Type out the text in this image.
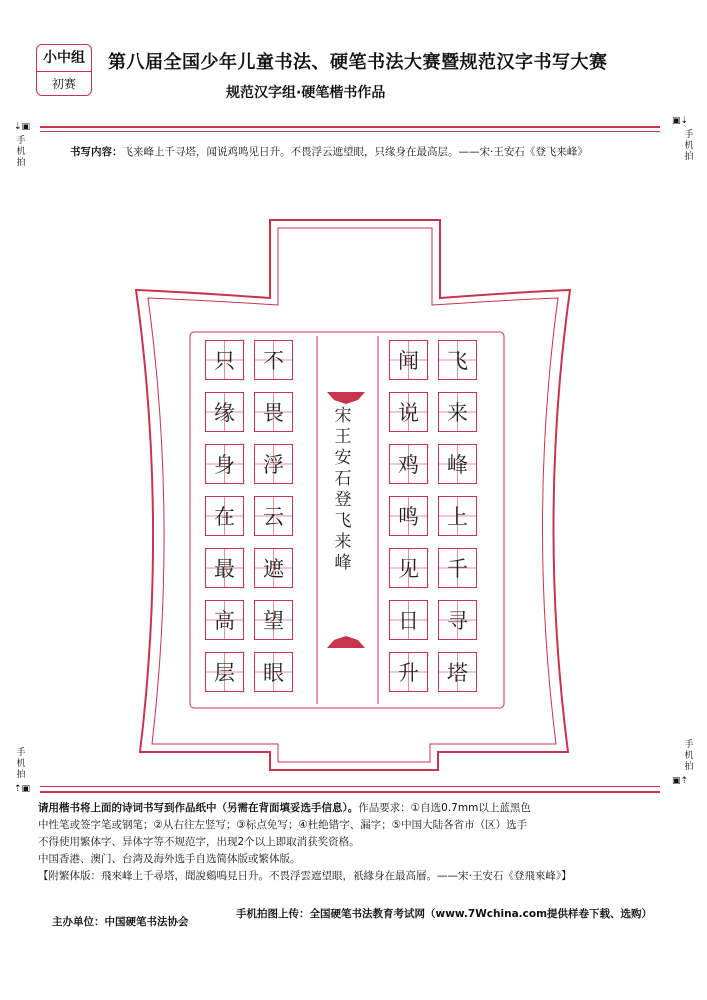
小中组
初赛
第八届全国少年儿童书法、硬笔书法大赛暨规范汉字书写大赛
规范汉字组·硬笔楷书作品
⇣▣
手机拍
▣⇣
手机拍
书写内容：飞来峰上千寻塔，闻说鸡鸣见日升。不畏浮云遮望眼，只缘身在最高层。——宋·王安石《登飞来峰》
只
缘
身
在
最
高
层
不
畏
浮
云
遮
望
眼
闻
说
鸡
鸣
见
日
升
飞
来
峰
上
千
寻
塔
宋王安石登飞来峰
手机拍
⇡▣
手机拍
▣⇡
请用楷书将上面的诗词书写到作品纸中（另需在背面填妥选手信息）。作品要求：①自选0.7mm以上蓝黑色
中性笔或签字笔或钢笔；②从右往左竖写；③标点免写；④杜绝错字、漏字；⑤中国大陆各省市（区）选手
不得使用繁体字、异体字等不规范字，出现2个以上即取消获奖资格。
中国香港、澳门、台湾及海外选手自选简体版或繁体版。
【附繁体版：飛來峰上千尋塔，聞說鷄鳴見日升。不畏浮雲遮望眼，祇緣身在最高層。——宋·王安石《登飛來峰》】
主办单位：中国硬笔书法协会
手机拍图上传：全国硬笔书法教育考试网（www.7Wchina.com提供样卷下载、选购）
